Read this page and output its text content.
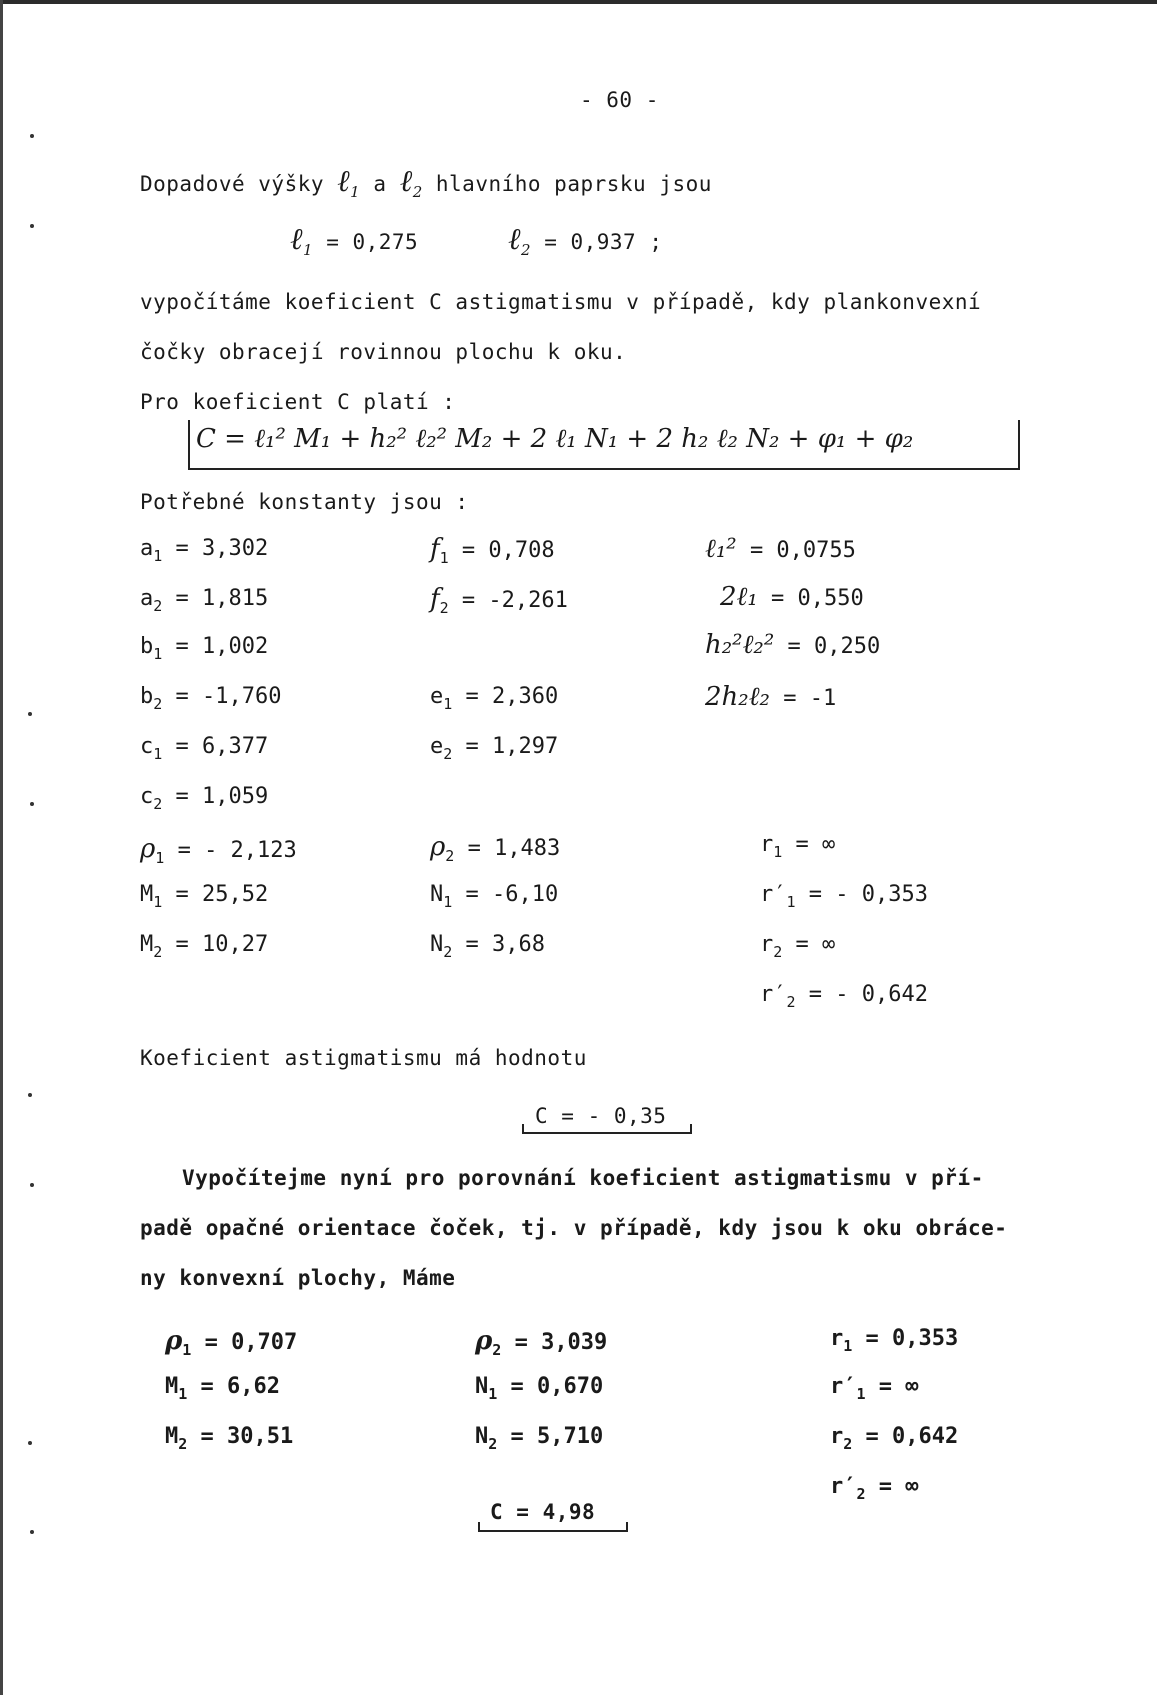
- 60 -
Dopadové výšky ℓ$_1$ a ℓ$_2$ hlavního paprsku jsou
ℓ$_1$ = 0,275	ℓ$_2$ = 0,937 ;
vypočítáme koeficient C astigmatismu v případě, kdy plankonvexní
čočky obracejí rovinnou plochu k oku.
Pro koeficient C platí :
C = ℓ₁² M₁ + h₂² ℓ₂² M₂ + 2 ℓ₁ N₁ + 2 h₂ ℓ₂ N₂ + φ₁ + φ₂
Potřebné konstanty jsou :
$a_1 = 3,302$
$a_2 = 1,815$
$b_1 = 1,002$
$b_2 = -1,760$
$c_1 = 6,377$
$c_2 = 1,059$
$\rho_1$ = - 2,123
$M_1 = 25,52$
$M_2 = 10,27$
$f_1 = 0,708$
$f_2 = -2,261$
$e_1 = 2,360$
$e_2 = 1,297$
$\rho_2 = 1,483$
$N_1 = -6,10$
$N_2 = 3,68$
ℓ₁² = 0,0755
2ℓ₁ = 0,550
h₂²ℓ₂² = 0,250
2h₂ℓ₂ = -1
$r_1$ = ∞
$r'_1$ = - 0,353
$r_2$ = ∞
$r'_2$ = - 0,642
Koeficient astigmatismu má hodnotu
C = - 0,35
Vypočítejme nyní pro porovnání koeficient astigmatismu v pří-
padě opačné orientace čoček, tj. v případě, kdy jsou k oku obráce-
ny konvexní plochy, Máme
$\rho_1 = 0,707$
$M_1 = 6,62$
$M_2 = 30,51$
$\rho_2 = 3,039$
$N_1 = 0,670$
$N_2 = 5,710$
$r_1 = 0,353$
$r'_1$ = ∞
$r_2 = 0,642$
$r'_2$ = ∞
C = 4,98
